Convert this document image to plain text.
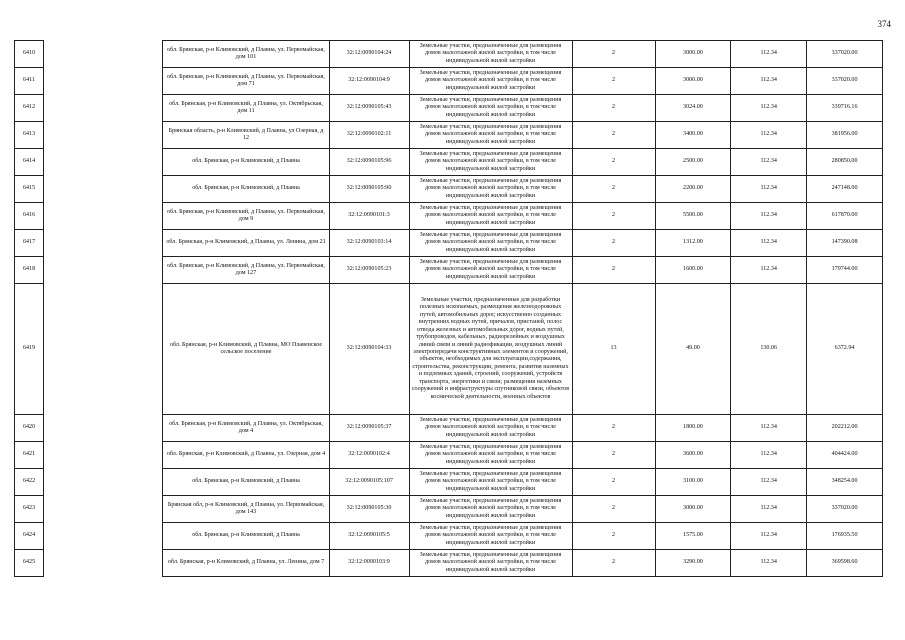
374
6410		обл. Брянская, р-н Климовский, д Плавна, ул. Первомайская, дом 101	32:12:0090104:24	Земельные участки, предназначенные для размещения домов малоэтажной жилой застройки, в том числе индивидуальной жилой застройки	2	3000.00	112.34	337020.00
6411		обл. Брянская, р-н Климовский, д Плавна, ул. Первомайская, дом 71	32:12:0090104:9	Земельные участки, предназначенные для размещения домов малоэтажной жилой застройки, в том числе индивидуальной жилой застройки	2	3000.00	112.34	337020.00
6412		обл. Брянская, р-н Климовский, д Плавна, ул. Октябрьская, дом 11	32:12:0090105:43	Земельные участки, предназначенные для размещения домов малоэтажной жилой застройки, в том числе индивидуальной жилой застройки	2	3024.00	112.34	339716.16
6413		Брянская область, р-н Климовский, д Плавна, ул Озерная, д 12	32:12:0090102:11	Земельные участки, предназначенные для размещения домов малоэтажной жилой застройки, в том числе индивидуальной жилой застройки	2	3400.00	112.34	381956.00
6414		обл. Брянская, р-н Климовский, д Плавна	32:12:0090105:96	Земельные участки, предназначенные для размещения домов малоэтажной жилой застройки, в том числе индивидуальной жилой застройки	2	2500.00	112.34	280850.00
6415		обл. Брянская, р-н Климовский, д Плавна	32:12:0090105:90	Земельные участки, предназначенные для размещения домов малоэтажной жилой застройки, в том числе индивидуальной жилой застройки	2	2200.00	112.34	247148.00
6416		обл. Брянская, р-н Климовский, д Плавна, ул. Первомайская, дом 9	32:12:0090101:3	Земельные участки, предназначенные для размещения домов малоэтажной жилой застройки, в том числе индивидуальной жилой застройки	2	5500.00	112.34	617870.00
6417		обл. Брянская, р-н Климовский, д Плавна, ул. Ленина, дом 21	32:12:0090103:14	Земельные участки, предназначенные для размещения домов малоэтажной жилой застройки, в том числе индивидуальной жилой застройки	2	1312.00	112.34	147390.08
6418		обл. Брянская, р-н Климовский, д Плавна, ул. Первомайская, дом 127	32:12:0090105:23	Земельные участки, предназначенные для размещения домов малоэтажной жилой застройки, в том числе индивидуальной жилой застройки	2	1600.00	112.34	179744.00
6419		обл. Брянская, р-н Климовский, д Плавна, МО Плавенское сельское поселение	32:12:0090104:33	Земельные участки, предназначенные для разработки полезных ископаемых, размещения железнодорожных путей, автомобильных дорог, искусственно созданных внутренних водных путей, причалов, пристаней, полос отвода железных и автомобильных дорог, водных путей, трубопроводов, кабельных, радиорелейных и воздушных линий связи и линий радиофикации, воздушных линий электропередачи конструктивных элементов и сооружений, объектов, необходимых для эксплуатации,содержания, строительства, реконструкции, ремонта, развития наземных и подземных зданий, строений, сооружений, устройств транспорта, энергетики и связи; размещения наземных сооружений и инфраструктуры спутниковой связи, объектов космической деятельности, военных объектов	13	49.00	130.06	6372.94
6420		обл. Брянская, р-н Климовский, д Плавна, ул. Октябрьская, дом 4	32:12:0090105:37	Земельные участки, предназначенные для размещения домов малоэтажной жилой застройки, в том числе индивидуальной жилой застройки	2	1800.00	112.34	202212.00
6421		обл. Брянская, р-н Климовский, д Плавна, ул. Озерная, дом 4	32:12:0090102:4	Земельные участки, предназначенные для размещения домов малоэтажной жилой застройки, в том числе индивидуальной жилой застройки	2	3600.00	112.34	404424.00
6422		обл. Брянская, р-н Климовский, д Плавна	32:12:0090105:107	Земельные участки, предназначенные для размещения домов малоэтажной жилой застройки, в том числе индивидуальной жилой застройки	2	3100.00	112.34	348254.00
6423		Брянская обл, р-н Климовский, д Плавна, ул. Первомайская, дом 143	32:12:0090105:30	Земельные участки, предназначенные для размещения домов малоэтажной жилой застройки, в том числе индивидуальной жилой застройки	2	3000.00	112.34	337020.00
6424		обл. Брянская, р-н Климовский, д Плавна	32:12:0090105:5	Земельные участки, предназначенные для размещения домов малоэтажной жилой застройки, в том числе индивидуальной жилой застройки	2	1575.00	112.34	176935.50
6425		обл. Брянская, р-н Климовский, д Плавна, ул. Ленина, дом 7	32:12:0090103:9	Земельные участки, предназначенные для размещения домов малоэтажной жилой застройки, в том числе индивидуальной жилой застройки	2	3290.00	112.34	369598.60
